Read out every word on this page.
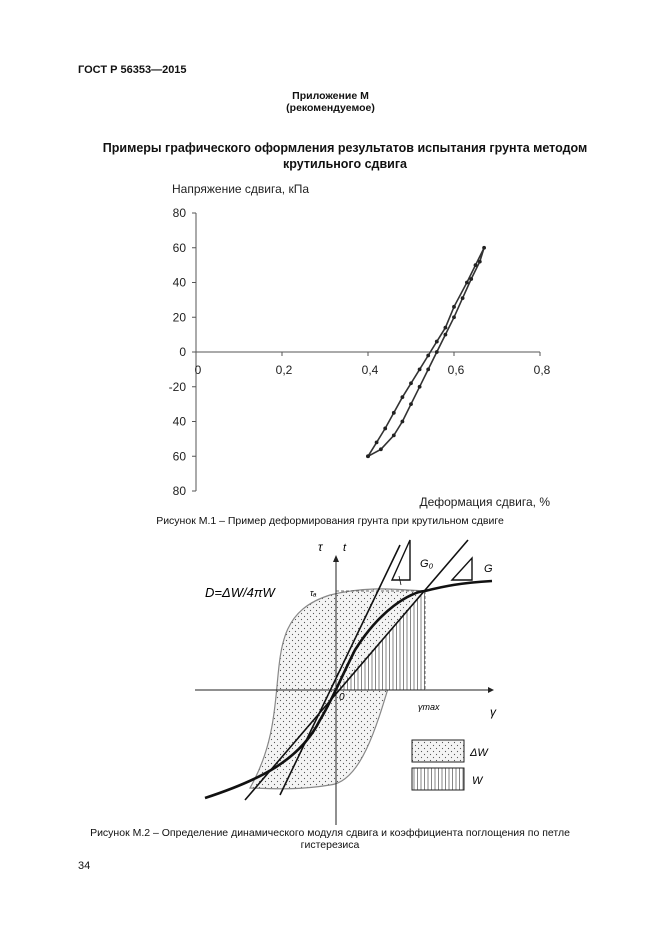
ГОСТ Р 56353—2015
Приложение М
(рекомендуемое)
Примеры графического оформления результатов испытания грунта методом
крутильного сдвига
Напряжение сдвига, кПа
Деформация сдвига, %
80
60
40
20
0
-20
40
60
80
0	0,2	0,4	0,6	0,8
Рисунок М.1 – Пример деформирования грунта при крутильном сдвиге
τ t
γ
γmax
τₐ
0
G₀	G
D=ΔW/4πW
ΔW
W
Рисунок М.2 – Определение динамического модуля сдвига и коэффициента поглощения по петле
гистерезиса
34
